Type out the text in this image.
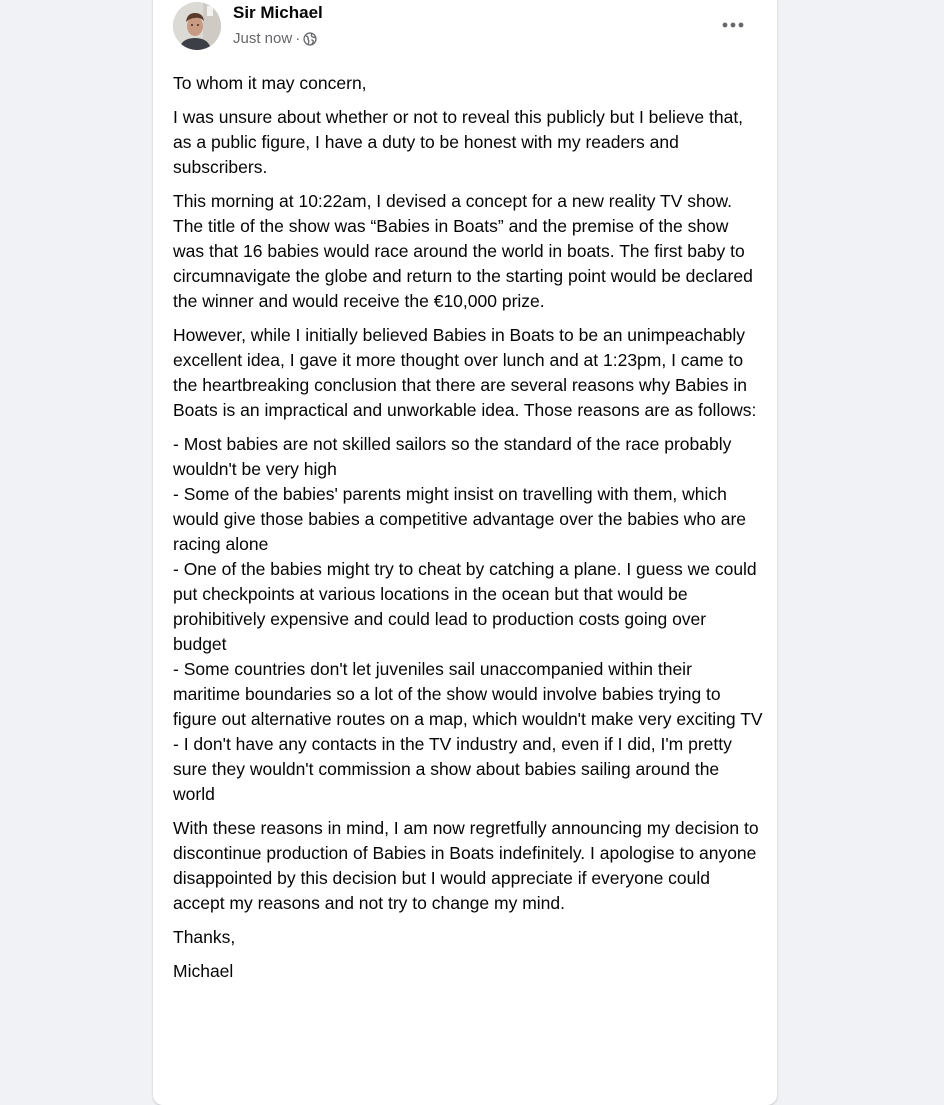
Sir Michael
Just now ·

To whom it may concern,

I was unsure about whether or not to reveal this publicly but I believe that, as a public figure, I have a duty to be honest with my readers and subscribers.

This morning at 10:22am, I devised a concept for a new reality TV show. The title of the show was “Babies in Boats” and the premise of the show was that 16 babies would race around the world in boats. The first baby to circumnavigate the globe and return to the starting point would be declared the winner and would receive the €10,000 prize.

However, while I initially believed Babies in Boats to be an unimpeachably excellent idea, I gave it more thought over lunch and at 1:23pm, I came to the heartbreaking conclusion that there are several reasons why Babies in Boats is an impractical and unworkable idea. Those reasons are as follows:

- Most babies are not skilled sailors so the standard of the race probably wouldn't be very high
- Some of the babies' parents might insist on travelling with them, which would give those babies a competitive advantage over the babies who are racing alone
- One of the babies might try to cheat by catching a plane. I guess we could put checkpoints at various locations in the ocean but that would be prohibitively expensive and could lead to production costs going over budget
- Some countries don't let juveniles sail unaccompanied within their maritime boundaries so a lot of the show would involve babies trying to figure out alternative routes on a map, which wouldn't make very exciting TV
- I don't have any contacts in the TV industry and, even if I did, I'm pretty sure they wouldn't commission a show about babies sailing around the world

With these reasons in mind, I am now regretfully announcing my decision to discontinue production of Babies in Boats indefinitely. I apologise to anyone disappointed by this decision but I would appreciate if everyone could accept my reasons and not try to change my mind.

Thanks,

Michael
